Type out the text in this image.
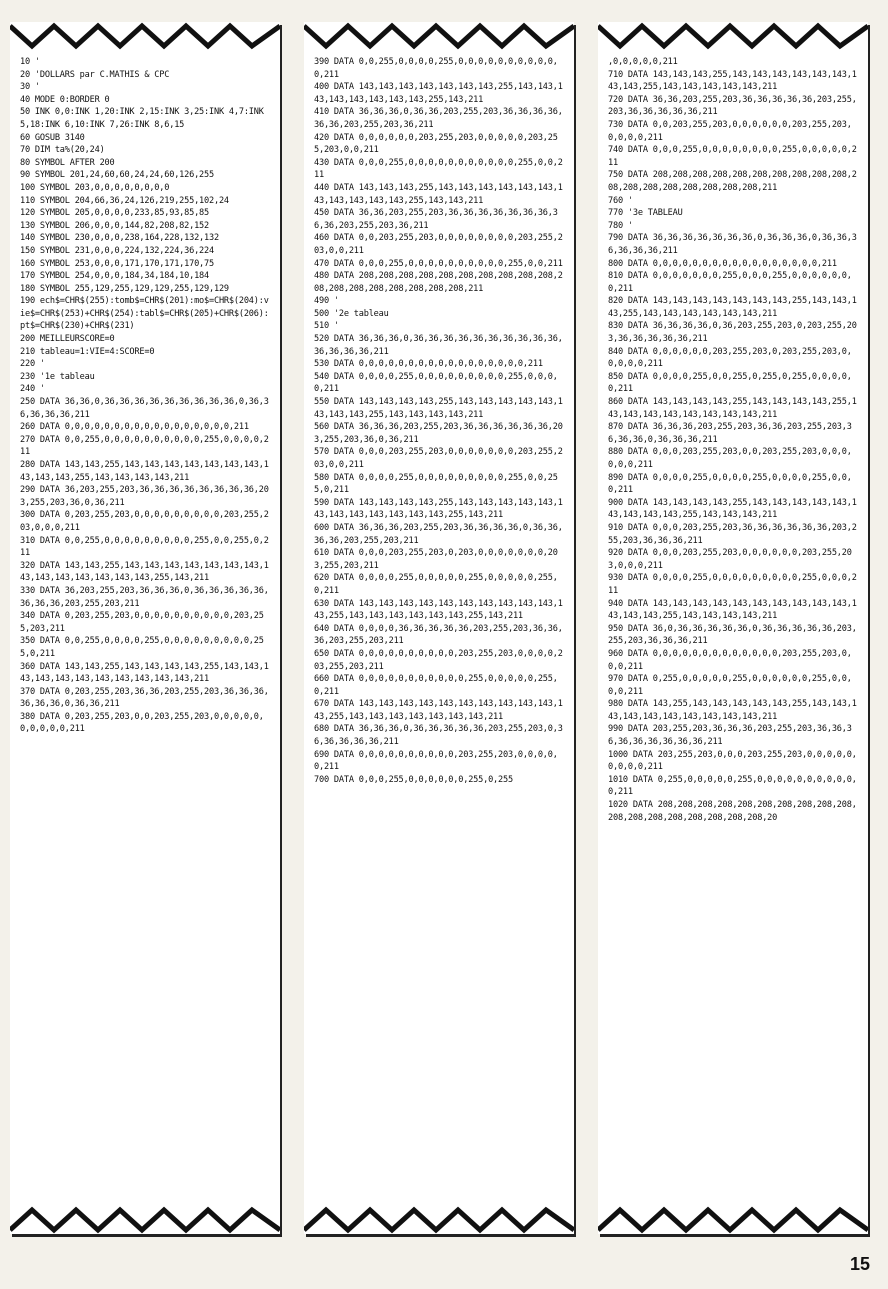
10 '
20 'DOLLARS par C.MATHIS & CPC
30 '
40 MODE 0:BORDER 0
50 INK 0,0:INK 1,20:INK 2,15:INK 3,25:INK 4,7:INK 5,18:INK 6,10:INK 7,26:INK 8,6,15
60 GOSUB 3140
70 DIM ta%(20,24)
80 SYMBOL AFTER 200
90 SYMBOL 201,24,60,60,24,24,60,126,255
100 SYMBOL 203,0,0,0,0,0,0,0,0
110 SYMBOL 204,66,36,24,126,219,255,102,24
120 SYMBOL 205,0,0,0,0,233,85,93,85,85
130 SYMBOL 206,0,0,0,144,82,208,82,152
140 SYMBOL 230,0,0,0,238,164,228,132,132
150 SYMBOL 231,0,0,0,224,132,224,36,224
160 SYMBOL 253,0,0,0,171,170,171,170,75
170 SYMBOL 254,0,0,0,184,34,184,10,184
180 SYMBOL 255,129,255,129,129,255,129,129
190 ech$=CHR$(255):tomb$=CHR$(201):mo$=CHR$(204):vie$=CHR$(253)+CHR$(254):tabl$=CHR$(205)+CHR$(206):pt$=CHR$(230)+CHR$(231)
200 MEILLEURSCORE=0
210 tableau=1:VIE=4:SCORE=0
220 '
230 '1e tableau
240 '
250 DATA 36,36,0,36,36,36,36,36,36,36,36,36,0,36,36,36,36,36,211
260 DATA 0,0,0,0,0,0,0,0,0,0,0,0,0,0,0,0,0,211
270 DATA 0,0,255,0,0,0,0,0,0,0,0,0,0,255,0,0,0,0,211
280 DATA 143,143,255,143,143,143,143,143,143,143,143,143,143,255,143,143,143,143,211
290 DATA 36,203,255,203,36,36,36,36,36,36,36,36,203,255,203,36,0,36,211
300 DATA 0,203,255,203,0,0,0,0,0,0,0,0,0,203,255,203,0,0,0,211
310 DATA 0,0,255,0,0,0,0,0,0,0,0,0,255,0,0,255,0,211
320 DATA 143,143,255,143,143,143,143,143,143,143,143,143,143,143,143,143,143,255,143,211
330 DATA 36,203,255,203,36,36,36,0,36,36,36,36,36,36,36,36,203,255,203,211
340 DATA 0,203,255,203,0,0,0,0,0,0,0,0,0,0,203,255,203,211
350 DATA 0,0,255,0,0,0,0,255,0,0,0,0,0,0,0,0,0,255,0,211
360 DATA 143,143,255,143,143,143,143,255,143,143,143,143,143,143,143,143,143,143,143,211
370 DATA 0,203,255,203,36,36,203,255,203,36,36,36,36,36,36,0,36,36,211
380 DATA 0,203,255,203,0,0,203,255,203,0,0,0,0,0,0,0,0,0,0,211
390 DATA 0,0,255,0,0,0,0,255,0,0,0,0,0,0,0,0,0,0,0,211
400 DATA 143,143,143,143,143,143,143,255,143,143,143,143,143,143,143,143,255,143,211
410 DATA 36,36,36,0,36,36,203,255,203,36,36,36,36,36,36,203,255,203,36,211
420 DATA 0,0,0,0,0,0,203,255,203,0,0,0,0,0,203,255,203,0,0,211
430 DATA 0,0,0,255,0,0,0,0,0,0,0,0,0,0,0,255,0,0,211
440 DATA 143,143,143,255,143,143,143,143,143,143,143,143,143,143,143,255,143,143,211
450 DATA 36,36,203,255,203,36,36,36,36,36,36,36,36,36,203,255,203,36,211
460 DATA 0,0,203,255,203,0,0,0,0,0,0,0,0,203,255,203,0,0,211
470 DATA 0,0,0,255,0,0,0,0,0,0,0,0,0,0,255,0,0,211
480 DATA 208,208,208,208,208,208,208,208,208,208,208,208,208,208,208,208,208,208,211
490 '
500 '2e tableau
510 '
520 DATA 36,36,36,0,36,36,36,36,36,36,36,36,36,36,36,36,36,36,211
530 DATA 0,0,0,0,0,0,0,0,0,0,0,0,0,0,0,0,0,211
540 DATA 0,0,0,0,255,0,0,0,0,0,0,0,0,0,255,0,0,0,0,211
550 DATA 143,143,143,143,255,143,143,143,143,143,143,143,143,255,143,143,143,143,211
560 DATA 36,36,36,203,255,203,36,36,36,36,36,36,203,255,203,36,0,36,211
570 DATA 0,0,0,203,255,203,0,0,0,0,0,0,0,203,255,203,0,0,211
580 DATA 0,0,0,0,255,0,0,0,0,0,0,0,0,0,255,0,0,255,0,211
590 DATA 143,143,143,143,255,143,143,143,143,143,143,143,143,143,143,143,143,255,143,211
600 DATA 36,36,36,203,255,203,36,36,36,36,0,36,36,36,36,203,255,203,211
610 DATA 0,0,0,203,255,203,0,203,0,0,0,0,0,0,0,203,255,203,211
620 DATA 0,0,0,0,255,0,0,0,0,0,255,0,0,0,0,0,255,0,211
630 DATA 143,143,143,143,143,143,143,143,143,143,143,255,143,143,143,143,143,143,255,143,211
640 DATA 0,0,0,0,36,36,36,36,36,203,255,203,36,36,36,203,255,203,211
650 DATA 0,0,0,0,0,0,0,0,0,0,203,255,203,0,0,0,0,203,255,203,211
660 DATA 0,0,0,0,0,0,0,0,0,0,0,255,0,0,0,0,0,255,0,211
670 DATA 143,143,143,143,143,143,143,143,143,143,143,255,143,143,143,143,143,143,143,211
680 DATA 36,36,36,0,36,36,36,36,36,203,255,203,0,36,36,36,36,36,211
690 DATA 0,0,0,0,0,0,0,0,0,0,203,255,203,0,0,0,0,0,211
700 DATA 0,0,0,255,0,0,0,0,0,0,255,0,255
,0,0,0,0,0,211
710 DATA 143,143,143,255,143,143,143,143,143,143,143,143,255,143,143,143,143,143,211
720 DATA 36,36,203,255,203,36,36,36,36,36,203,255,203,36,36,36,36,36,211
730 DATA 0,0,203,255,203,0,0,0,0,0,0,203,255,203,0,0,0,0,211
740 DATA 0,0,0,255,0,0,0,0,0,0,0,0,255,0,0,0,0,0,211
750 DATA 208,208,208,208,208,208,208,208,208,208,208,208,208,208,208,208,208,208,211
760 '
770 '3e TABLEAU
780 '
790 DATA 36,36,36,36,36,36,36,0,36,36,36,0,36,36,36,36,36,36,211
800 DATA 0,0,0,0,0,0,0,0,0,0,0,0,0,0,0,0,0,211
810 DATA 0,0,0,0,0,0,0,255,0,0,0,255,0,0,0,0,0,0,0,211
820 DATA 143,143,143,143,143,143,143,255,143,143,143,255,143,143,143,143,143,143,211
830 DATA 36,36,36,36,0,36,203,255,203,0,203,255,203,36,36,36,36,36,211
840 DATA 0,0,0,0,0,0,203,255,203,0,203,255,203,0,0,0,0,0,211
850 DATA 0,0,0,0,255,0,0,255,0,255,0,255,0,0,0,0,0,211
860 DATA 143,143,143,143,255,143,143,143,143,255,143,143,143,143,143,143,143,143,211
870 DATA 36,36,36,203,255,203,36,36,203,255,203,36,36,36,0,36,36,36,211
880 DATA 0,0,0,203,255,203,0,0,203,255,203,0,0,0,0,0,0,211
890 DATA 0,0,0,0,255,0,0,0,0,255,0,0,0,0,255,0,0,0,211
900 DATA 143,143,143,143,255,143,143,143,143,143,143,143,143,143,255,143,143,143,211
910 DATA 0,0,0,203,255,203,36,36,36,36,36,36,203,255,203,36,36,36,211
920 DATA 0,0,0,203,255,203,0,0,0,0,0,0,203,255,203,0,0,0,211
930 DATA 0,0,0,0,255,0,0,0,0,0,0,0,0,0,255,0,0,0,211
940 DATA 143,143,143,143,143,143,143,143,143,143,143,143,143,255,143,143,143,143,211
950 DATA 36,0,36,36,36,36,36,0,36,36,36,36,36,203,255,203,36,36,36,211
960 DATA 0,0,0,0,0,0,0,0,0,0,0,0,0,203,255,203,0,0,0,211
970 DATA 0,255,0,0,0,0,0,255,0,0,0,0,0,0,255,0,0,0,0,211
980 DATA 143,255,143,143,143,143,143,255,143,143,143,143,143,143,143,143,143,143,211
990 DATA 203,255,203,36,36,36,203,255,203,36,36,36,36,36,36,36,36,36,211
1000 DATA 203,255,203,0,0,0,203,255,203,0,0,0,0,0,0,0,0,0,211
1010 DATA 0,255,0,0,0,0,0,255,0,0,0,0,0,0,0,0,0,0,0,211
1020 DATA 208,208,208,208,208,208,208,208,208,208,208,208,208,208,208,208,208,208,20
15
